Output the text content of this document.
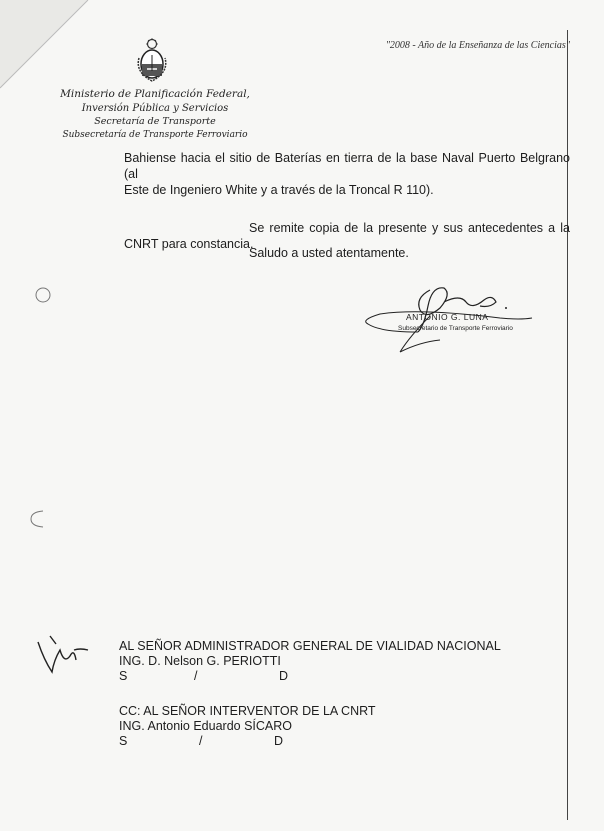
"2008 - Año de la Enseñanza de las Ciencias"
Ministerio de Planificación Federal,
Inversión Pública y Servicios
Secretaría de Transporte
Subsecretaría de Transporte Ferroviario

Bahiense hacia el sitio de Baterías en tierra de la base Naval Puerto Belgrano (al

Este de Ingeniero White y a través de la Troncal R 110).

Se remite copia de la presente y sus antecedentes a la

CNRT para constancia.

Saludo a usted atentamente.
ANTONIO G. LUNA
Subsecretario de Transporte Ferroviario
AL SEÑOR ADMINISTRADOR GENERAL DE VIALIDAD NACIONAL
ING. D. Nelson G. PERIOTTI
S	/	D
CC: AL SEÑOR INTERVENTOR DE LA CNRT
ING. Antonio Eduardo SÍCARO
S	/	D
